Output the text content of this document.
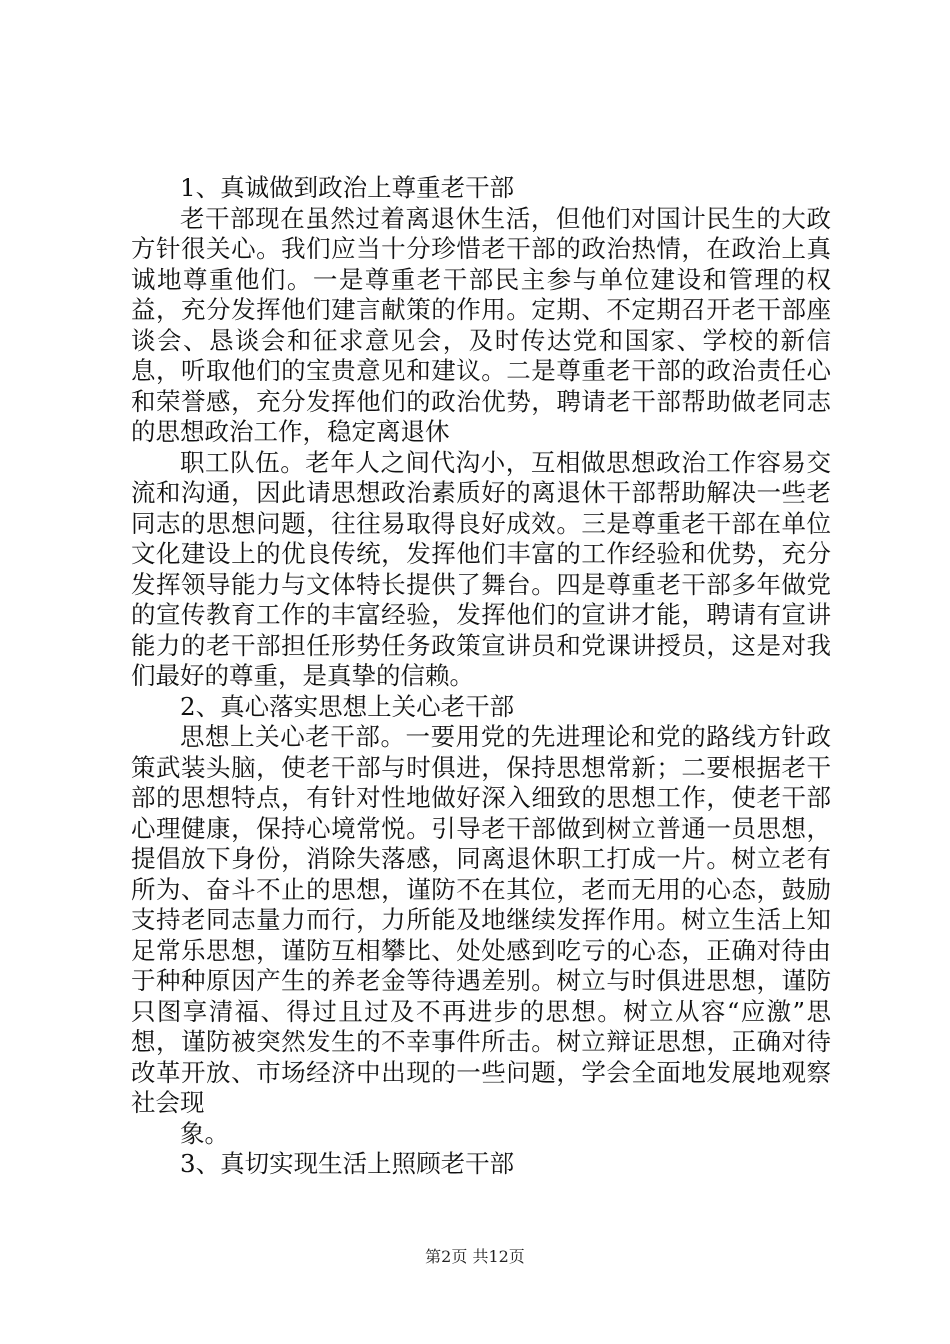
1、真诚做到政治上尊重老干部

老干部现在虽然过着离退休生活，但他们对国计民生的大政方针很关心。我们应当十分珍惜老干部的政治热情，在政治上真诚地尊重他们。一是尊重老干部民主参与单位建设和管理的权益，充分发挥他们建言献策的作用。定期、不定期召开老干部座谈会、恳谈会和征求意见会，及时传达党和国家、学校的新信息，听取他们的宝贵意见和建议。二是尊重老干部的政治责任心和荣誉感，充分发挥他们的政治优势，聘请老干部帮助做老同志的思想政治工作，稳定离退休

职工队伍。老年人之间代沟小，互相做思想政治工作容易交流和沟通，因此请思想政治素质好的离退休干部帮助解决一些老同志的思想问题，往往易取得良好成效。三是尊重老干部在单位文化建设上的优良传统，发挥他们丰富的工作经验和优势，充分发挥领导能力与文体特长提供了舞台。四是尊重老干部多年做党的宣传教育工作的丰富经验，发挥他们的宣讲才能，聘请有宣讲能力的老干部担任形势任务政策宣讲员和党课讲授员，这是对我们最好的尊重，是真挚的信赖。

2、真心落实思想上关心老干部

思想上关心老干部。一要用党的先进理论和党的路线方针政策武装头脑，使老干部与时俱进，保持思想常新；二要根据老干部的思想特点，有针对性地做好深入细致的思想工作，使老干部心理健康，保持心境常悦。引导老干部做到树立普通一员思想，提倡放下身份，消除失落感，同离退休职工打成一片。树立老有所为、奋斗不止的思想，谨防不在其位，老而无用的心态，鼓励支持老同志量力而行，力所能及地继续发挥作用。树立生活上知足常乐思想，谨防互相攀比、处处感到吃亏的心态，正确对待由于种种原因产生的养老金等待遇差别。树立与时俱进思想，谨防只图享清福、得过且过及不再进步的思想。树立从容“应激”思想，谨防被突然发生的不幸事件所击。树立辩证思想，正确对待改革开放、市场经济中出现的一些问题，学会全面地发展地观察社会现

象。

3、真切实现生活上照顾老干部

第2页 共12页
